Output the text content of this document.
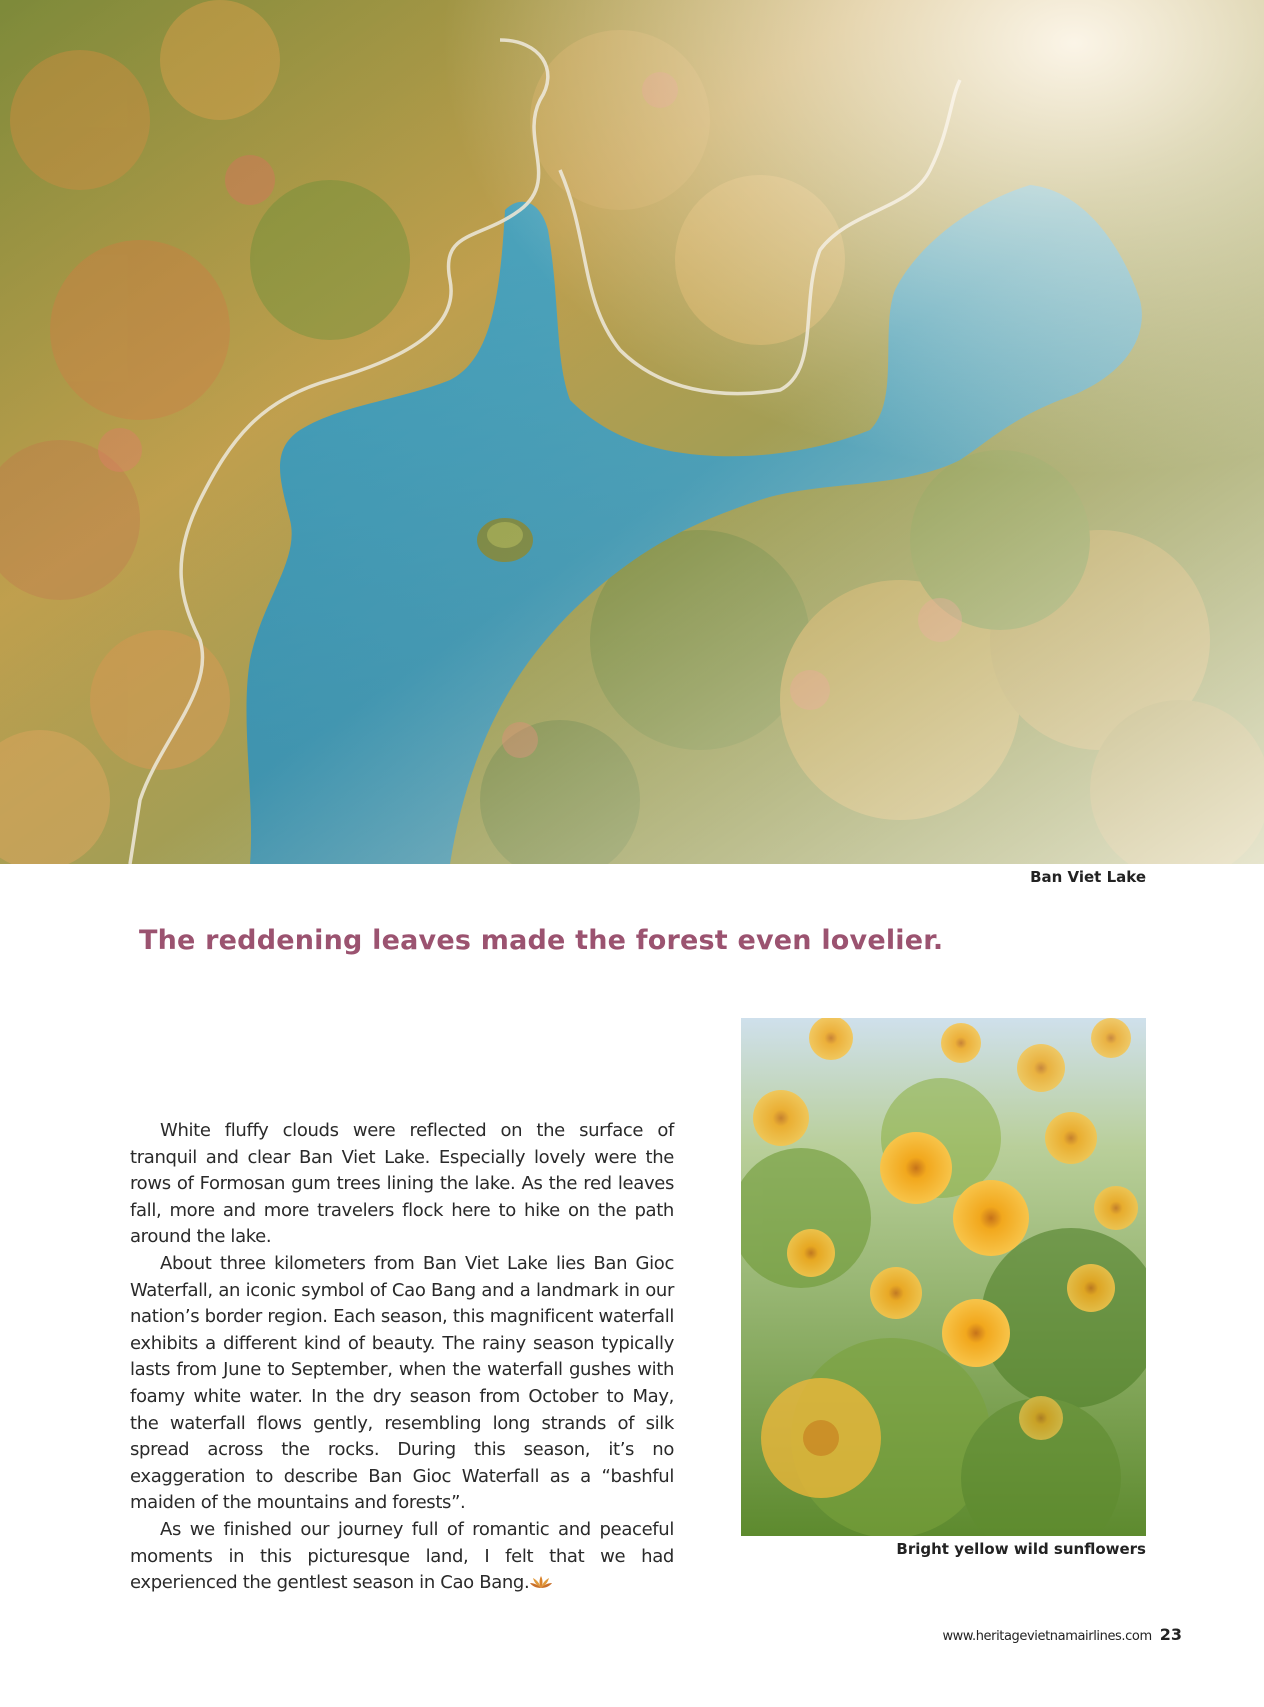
Ban Viet Lake
The reddening leaves made the forest even lovelier.

White fluffy clouds were reflected on the surface of tranquil and clear Ban Viet Lake. Especially lovely were the rows of Formosan gum trees lining the lake. As the red leaves fall, more and more travelers flock here to hike on the path around the lake.

About three kilometers from Ban Viet Lake lies Ban Gioc Waterfall, an iconic symbol of Cao Bang and a landmark in our nation’s border region. Each season, this magnificent waterfall exhibits a different kind of beauty. The rainy season typically lasts from June to September, when the waterfall gushes with foamy white water. In the dry season from October to May, the waterfall flows gently, resembling long strands of silk spread across the rocks. During this season, it’s no exaggeration to describe Ban Gioc Waterfall as a “bashful maiden of the mountains and forests”.

As we finished our journey full of romantic and peaceful moments in this picturesque land, I felt that we had experienced the gentlest season in Cao Bang.

Bright yellow wild sunflowers
www.heritagevietnamairlines.com 23
